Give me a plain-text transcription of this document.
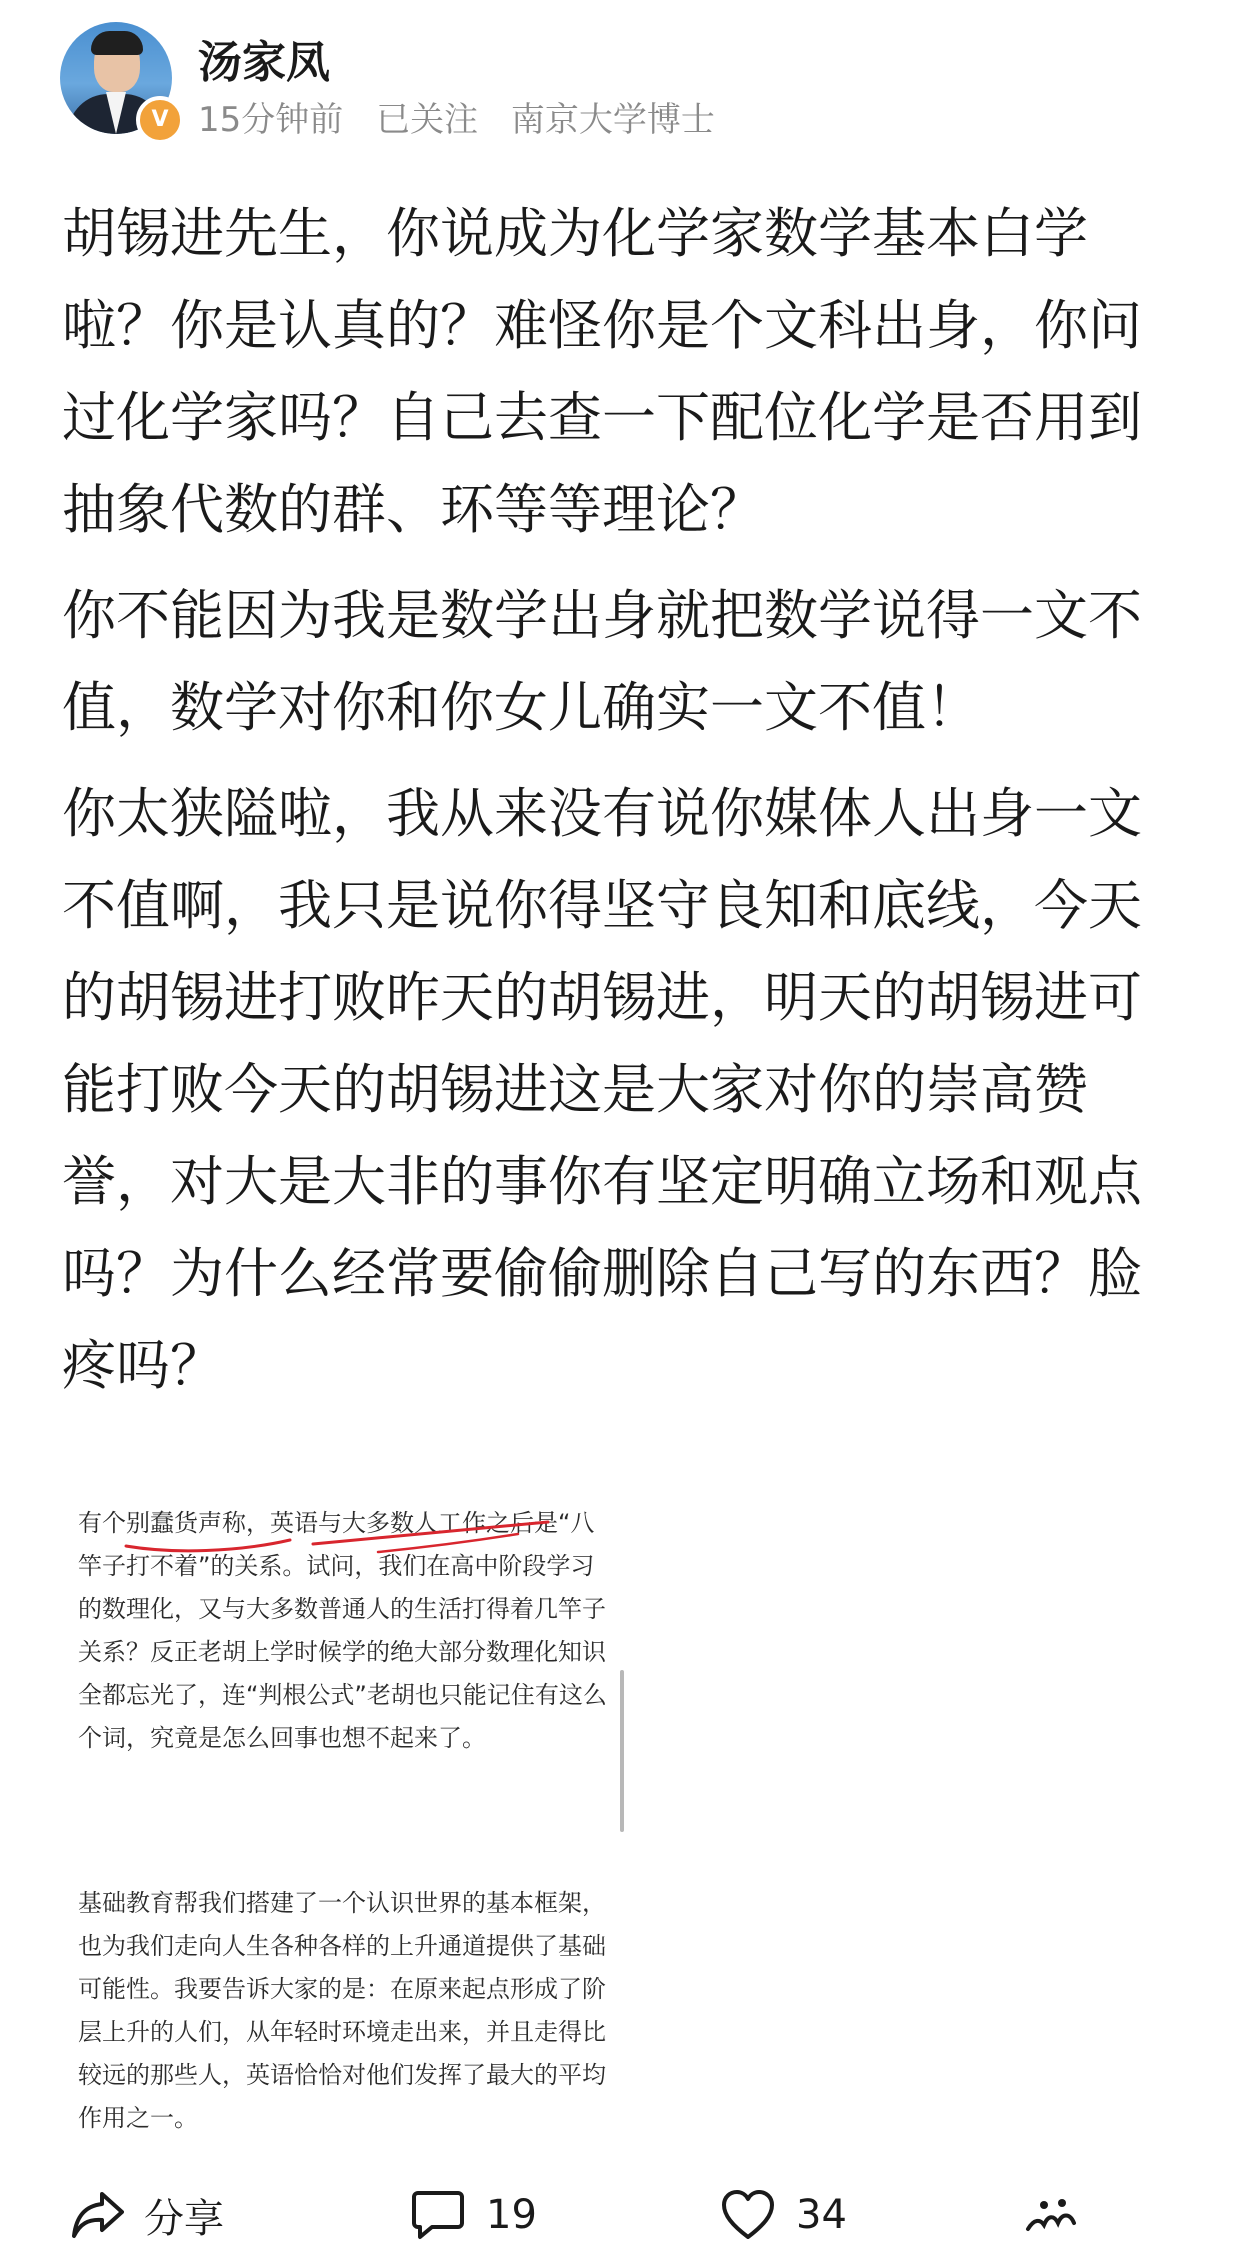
V
汤家凤
15分钟前 已关注 南京大学博士

胡锡进先生，你说成为化学家数学基本白学啦？你是认真的？难怪你是个文科出身，你问过化学家吗？自己去查一下配位化学是否用到抽象代数的群、环等等理论？

你不能因为我是数学出身就把数学说得一文不值，数学对你和你女儿确实一文不值！

你太狭隘啦，我从来没有说你媒体人出身一文不值啊，我只是说你得坚守良知和底线，今天的胡锡进打败昨天的胡锡进，明天的胡锡进可能打败今天的胡锡进这是大家对你的崇高赞誉，对大是大非的事你有坚定明确立场和观点吗？为什么经常要偷偷删除自己写的东西？脸疼吗？

有个别蠢货声称，英语与大多数人工作之后是“八竿子打不着”的关系。试问，我们在高中阶段学习的数理化，又与大多数普通人的生活打得着几竿子关系？反正老胡上学时候学的绝大部分数理化知识全都忘光了，连“判根公式”老胡也只能记住有这么个词，究竟是怎么回事也想不起来了。

基础教育帮我们搭建了一个认识世界的基本框架，也为我们走向人生各种各样的上升通道提供了基础可能性。我要告诉大家的是：在原来起点形成了阶层上升的人们，从年轻时环境走出来，并且走得比较远的那些人，英语恰恰对他们发挥了最大的平均作用之一。

分享	19	34
